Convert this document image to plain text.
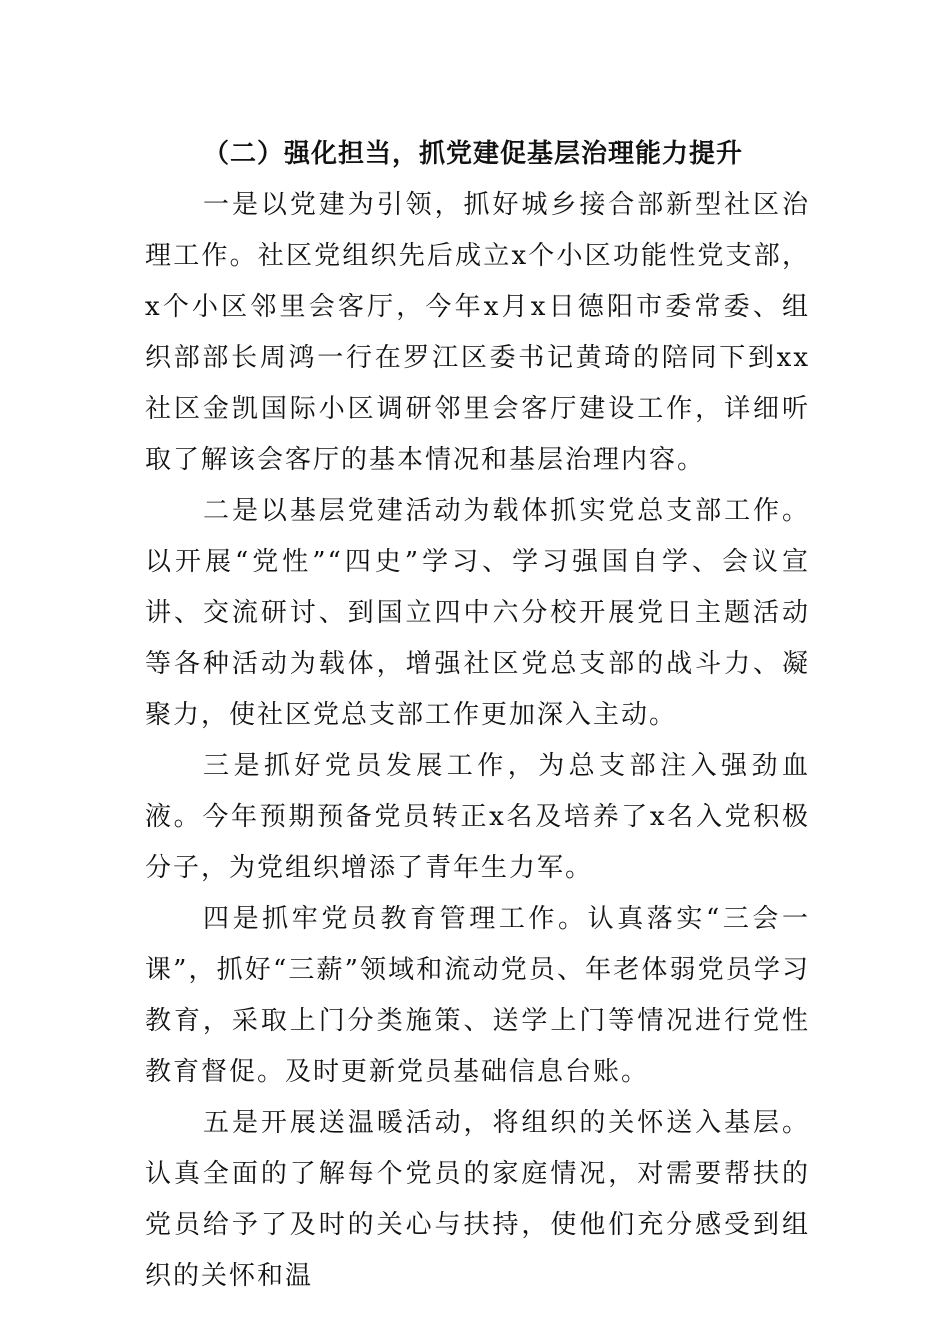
（二）强化担当，抓党建促基层治理能力提升

一是以党建为引领，抓好城乡接合部新型社区治理工作。社区党组织先后成立x个小区功能性党支部，x个小区邻里会客厅，今年x月x日德阳市委常委、组织部部长周鸿一行在罗江区委书记黄琦的陪同下到xx社区金凯国际小区调研邻里会客厅建设工作，详细听取了解该会客厅的基本情况和基层治理内容。

二是以基层党建活动为载体抓实党总支部工作。以开展“党性”“四史”学习、学习强国自学、会议宣讲、交流研讨、到国立四中六分校开展党日主题活动等各种活动为载体，增强社区党总支部的战斗力、凝聚力，使社区党总支部工作更加深入主动。

三是抓好党员发展工作，为总支部注入强劲血液。今年预期预备党员转正x名及培养了x名入党积极分子，为党组织增添了青年生力军。

四是抓牢党员教育管理工作。认真落实“三会一课”，抓好“三薪”领域和流动党员、年老体弱党员学习教育，采取上门分类施策、送学上门等情况进行党性教育督促。及时更新党员基础信息台账。

五是开展送温暖活动，将组织的关怀送入基层。认真全面的了解每个党员的家庭情况，对需要帮扶的党员给予了及时的关心与扶持，使他们充分感受到组织的关怀和温
